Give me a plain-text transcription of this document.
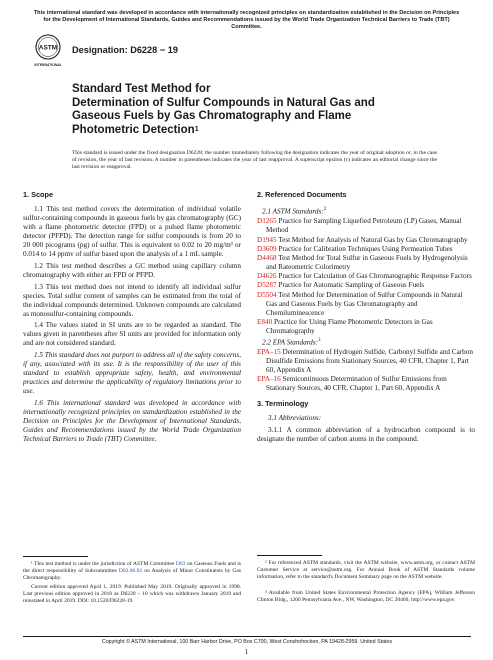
This international standard was developed in accordance with internationally recognized principles on standardization established in the Decision on Principles for the Development of International Standards, Guides and Recommendations issued by the World Trade Organization Technical Barriers to Trade (TBT) Committee.
ASTM
INTERNATIONAL
Designation: D6228 − 19
Standard Test Method for
Determination of Sulfur Compounds in Natural Gas and
Gaseous Fuels by Gas Chromatography and Flame
Photometric Detection$^1$
This standard is issued under the fixed designation D6228; the number immediately following the designation indicates the year of original adoption or, in the case of revision, the year of last revision. A number in parentheses indicates the year of last reapproval. A superscript epsilon (ε) indicates an editorial change since the last revision or reapproval.
1. Scope

1.1 This test method covers the determination of individual volatile sulfur-containing compounds in gaseous fuels by gas chromatography (GC) with a flame photometric detector (FPD) or a pulsed flame photometric detector (PFPD). The detection range for sulfur compounds is from 20 to 20 000 picograms (pg) of sulfur. This is equivalent to 0.02 to 20 mg/m³ or 0.014 to 14 ppmv of sulfur based upon the analysis of a 1 mL sample.

1.2 This test method describes a GC method using capillary column chromatography with either an FPD or PFPD.

1.3 This test method does not intend to identify all individual sulfur species. Total sulfur content of samples can be estimated from the total of the individual compounds determined. Unknown compounds are calculated as monosulfur-containing compounds.

1.4 The values stated in SI units are to be regarded as standard. The values given in parentheses after SI units are provided for information only and are not considered standard.

1.5 This standard does not purport to address all of the safety concerns, if any, associated with its use. It is the responsibility of the user of this standard to establish appropriate safety, health, and environmental practices and determine the applicability of regulatory limitations prior to use.

1.6 This international standard was developed in accordance with internationally recognized principles on standardization established in the Decision on Principles for the Development of International Standards, Guides and Recommendations issued by the World Trade Organization Technical Barriers to Trade (TBT) Committee.

¹ This test method is under the jurisdiction of ASTM Committee D03 on Gaseous Fuels and is the direct responsibility of Subcommittee D03.06.02 on Analysis of Minor Constituents by Gas Chromatography.

Current edition approved April 1, 2019. Published May 2019. Originally approved in 1998. Last previous edition approved in 2010 as D6228 – 10 which was withdrawn January 2019 and reinstated in April 2019. DOI: 10.1520/D6228-19.

2. Referenced Documents
2.1 ASTM Standards:$^2$
D1265 Practice for Sampling Liquefied Petroleum (LP) Gases, Manual Method
D1945 Test Method for Analysis of Natural Gas by Gas Chromatography
D3609 Practice for Calibration Techniques Using Permeation Tubes
D4468 Test Method for Total Sulfur in Gaseous Fuels by Hydrogenolysis and Rateometric Colorimetry
D4626 Practice for Calculation of Gas Chromatographic Response Factors
D5287 Practice for Automatic Sampling of Gaseous Fuels
D5504 Test Method for Determination of Sulfur Compounds in Natural Gas and Gaseous Fuels by Gas Chromatography and Chemiluminescence
E840 Practice for Using Flame Photometric Detectors in Gas Chromatography
2.2 EPA Standards:$^3$
EPA–15 Determination of Hydrogen Sulfide, Carbonyl Sulfide and Carbon Disulfide Emissions from Stationary Sources, 40 CFR, Chapter 1, Part 60, Appendix A
EPA–16 Semicontinuous Determination of Sulfur Emissions from Stationary Sources, 40 CFR, Chapter 1, Part 60, Appendix A
3. Terminology

3.1 Abbreviations:

3.1.1 A common abbreviation of a hydrocarbon compound is to designate the number of carbon atoms in the compound.

² For referenced ASTM standards, visit the ASTM website, www.astm.org, or contact ASTM Customer Service at service@astm.org. For Annual Book of ASTM Standards volume information, refer to the standard's Document Summary page on the ASTM website.

³ Available from United States Environmental Protection Agency (EPA), William Jefferson Clinton Bldg., 1200 Pennsylvania Ave., NW, Washington, DC 20460, http://www.epa.gov.

Copyright © ASTM International, 100 Barr Harbor Drive, PO Box C700, West Conshohocken, PA 19428-2959. United States
1
